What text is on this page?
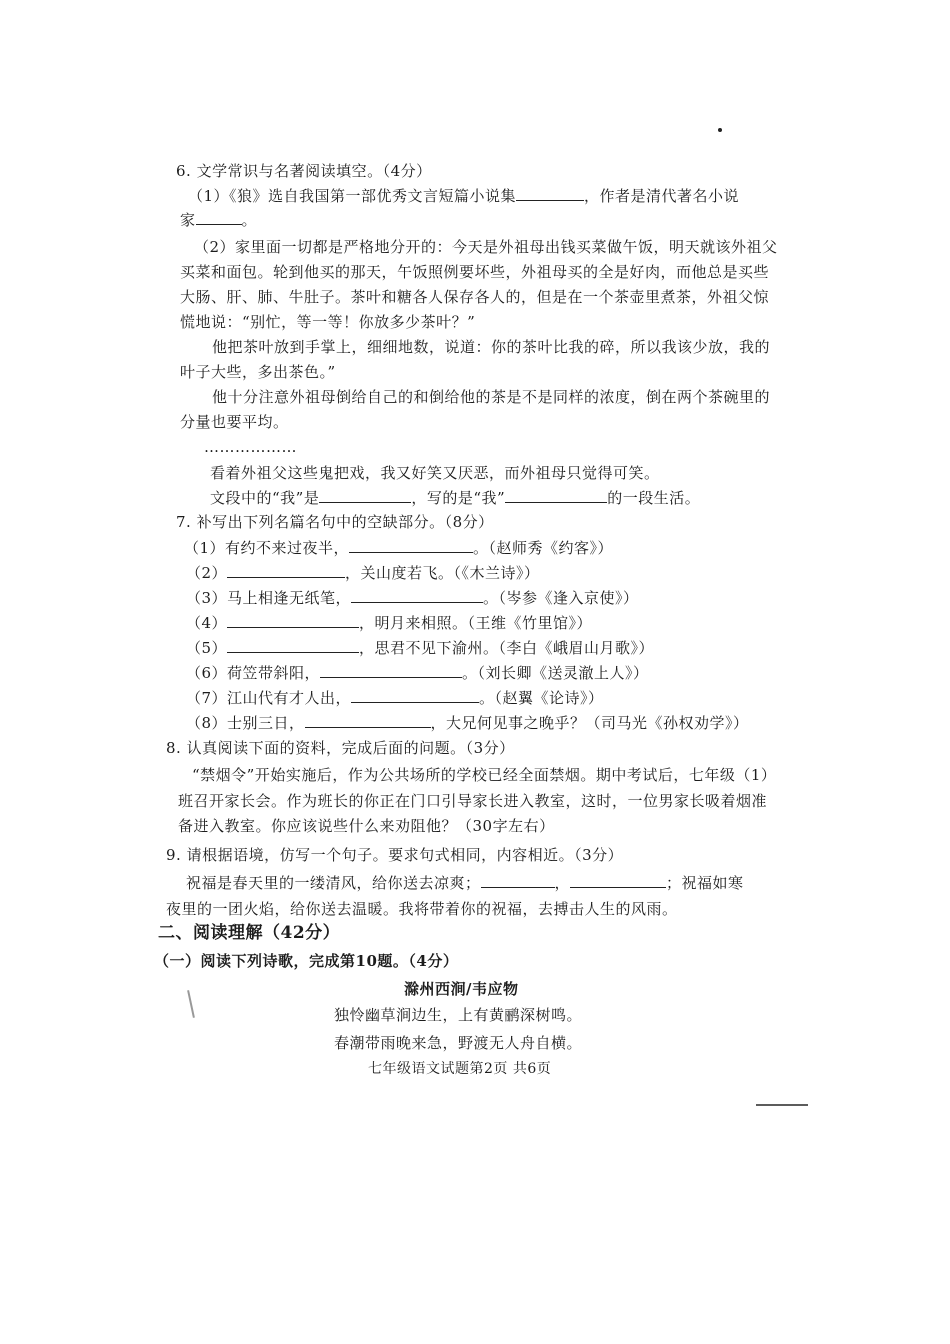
6. 文学常识与名著阅读填空。（4分）
（1）《狼》选自我国第一部优秀文言短篇小说集	，作者是清代著名小说
家	。
（2）家里面一切都是严格地分开的：今天是外祖母出钱买菜做午饭，明天就该外祖父
买菜和面包。轮到他买的那天，午饭照例要坏些，外祖母买的全是好肉，而他总是买些
大肠、肝、肺、牛肚子。茶叶和糖各人保存各人的，但是在一个茶壶里煮茶，外祖父惊
慌地说：“别忙，等一等！你放多少茶叶？”
他把茶叶放到手掌上，细细地数，说道：你的茶叶比我的碎，所以我该少放，我的
叶子大些，多出茶色。”
他十分注意外祖母倒给自己的和倒给他的茶是不是同样的浓度，倒在两个茶碗里的
分量也要平均。
………………
看着外祖父这些鬼把戏，我又好笑又厌恶，而外祖母只觉得可笑。
文段中的“我”是	，写的是“我”	的一段生活。
7. 补写出下列名篇名句中的空缺部分。（8分）
（1）有约不来过夜半，	。（赵师秀《约客》）
（2）	，关山度若飞。（《木兰诗》）
（3）马上相逢无纸笔，	。（岑参《逢入京使》）
（4）	，明月来相照。（王维《竹里馆》）
（5）	，思君不见下渝州。（李白《峨眉山月歌》）
（6）荷笠带斜阳，	。（刘长卿《送灵澈上人》）
（7）江山代有才人出，	。（赵翼《论诗》）
（8）士别三日，	，大兄何见事之晚乎？（司马光《孙权劝学》）
8. 认真阅读下面的资料，完成后面的问题。（3分）
“禁烟令”开始实施后，作为公共场所的学校已经全面禁烟。期中考试后，七年级（1）
班召开家长会。作为班长的你正在门口引导家长进入教室，这时，一位男家长吸着烟准
备进入教室。你应该说些什么来劝阻他？（30字左右）
9. 请根据语境，仿写一个句子。要求句式相同，内容相近。（3分）
祝福是春天里的一缕清风，给你送去凉爽；	，	；祝福如寒
夜里的一团火焰，给你送去温暖。我将带着你的祝福，去搏击人生的风雨。
二、阅读理解（42分）
（一）阅读下列诗歌，完成第10题。（4分）
滁州西涧/韦应物
独怜幽草涧边生，上有黄鹂深树鸣。
春潮带雨晚来急，野渡无人舟自横。
七年级语文试题第2页 共6页
